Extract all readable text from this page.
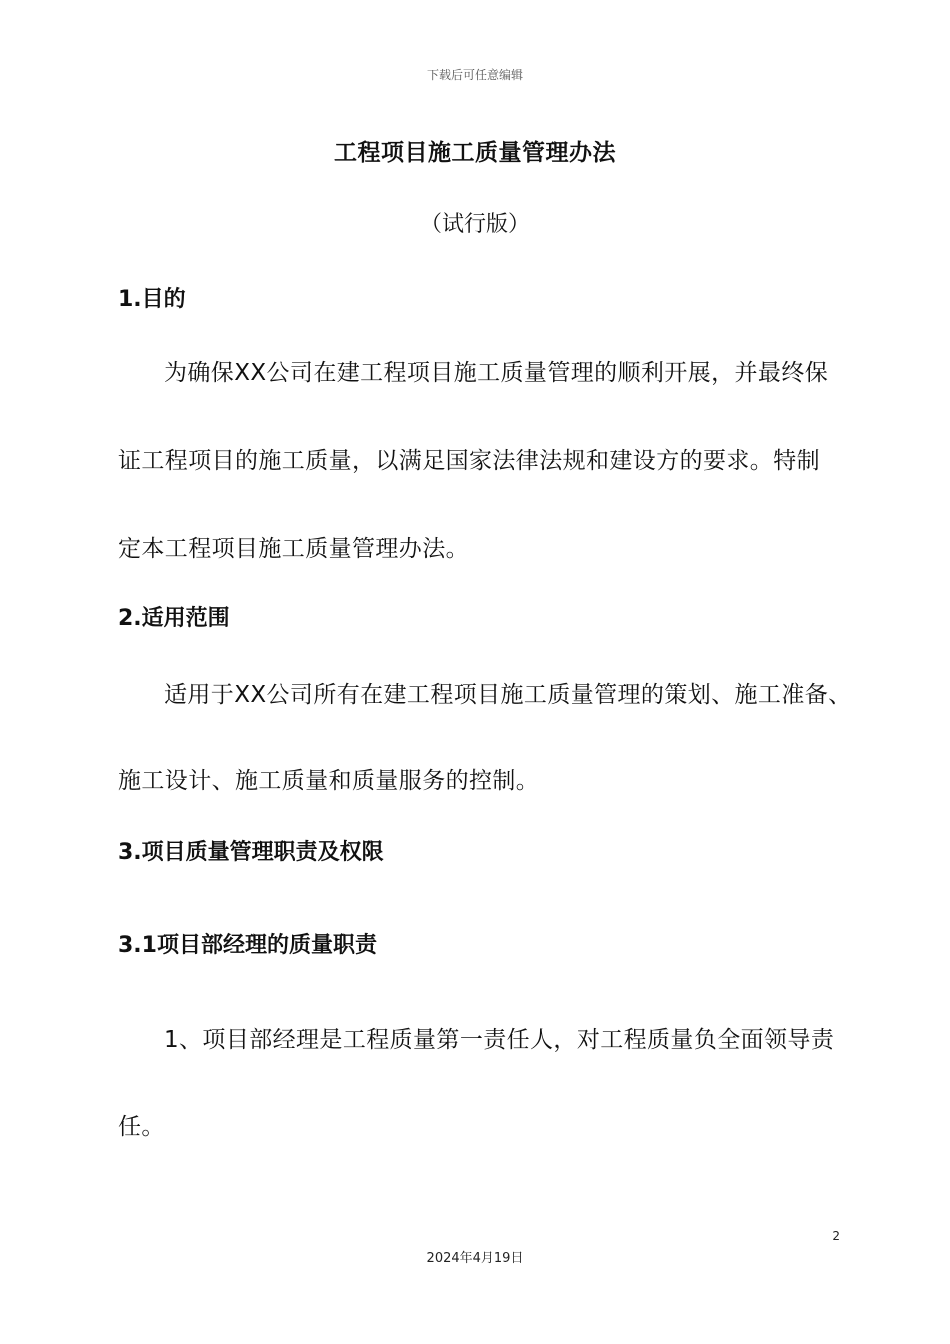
下载后可任意编辑
工程项目施工质量管理办法
（试行版）
1.目的
为确保XX公司在建工程项目施工质量管理的顺利开展，并最终保
证工程项目的施工质量，以满足国家法律法规和建设方的要求。特制
定本工程项目施工质量管理办法。
2.适用范围
适用于XX公司所有在建工程项目施工质量管理的策划、施工准备、
施工设计、施工质量和质量服务的控制。
3.项目质量管理职责及权限
3.1项目部经理的质量职责
1、项目部经理是工程质量第一责任人，对工程质量负全面领导责
任。
2
2024年4月19日
